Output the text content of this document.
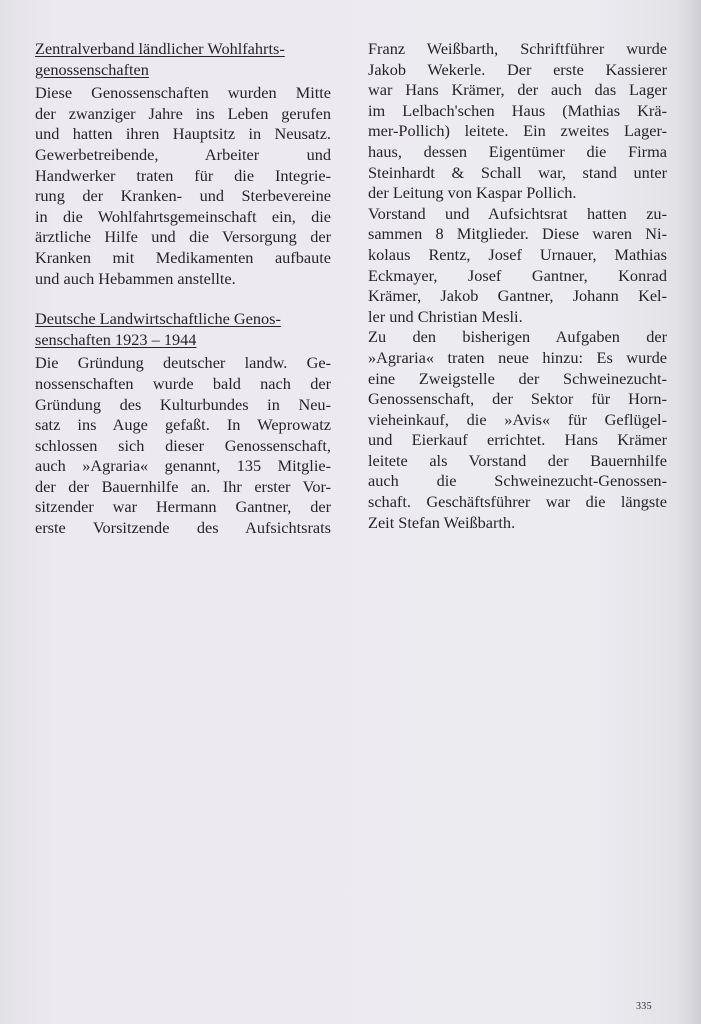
Zentralverband ländlicher Wohlfahrts-
genossenschaften
Diese Genossenschaften wurden Mitte
der zwanziger Jahre ins Leben gerufen
und hatten ihren Hauptsitz in Neusatz.
Gewerbetreibende, Arbeiter und
Handwerker traten für die Integrie-
rung der Kranken- und Sterbevereine
in die Wohlfahrtsgemeinschaft ein, die
ärztliche Hilfe und die Versorgung der
Kranken mit Medikamenten aufbaute
und auch Hebammen anstellte.
Deutsche Landwirtschaftliche Genos-
senschaften 1923 – 1944
Die Gründung deutscher landw. Ge-
nossenschaften wurde bald nach der
Gründung des Kulturbundes in Neu-
satz ins Auge gefaßt. In Weprowatz
schlossen sich dieser Genossenschaft,
auch »Agraria« genannt, 135 Mitglie-
der der Bauernhilfe an. Ihr erster Vor-
sitzender war Hermann Gantner, der
erste Vorsitzende des Aufsichtsrats
Franz Weißbarth, Schriftführer wurde
Jakob Wekerle. Der erste Kassierer
war Hans Krämer, der auch das Lager
im Lelbach'schen Haus (Mathias Krä-
mer-Pollich) leitete. Ein zweites Lager-
haus, dessen Eigentümer die Firma
Steinhardt & Schall war, stand unter
der Leitung von Kaspar Pollich.
Vorstand und Aufsichtsrat hatten zu-
sammen 8 Mitglieder. Diese waren Ni-
kolaus Rentz, Josef Urnauer, Mathias
Eckmayer, Josef Gantner, Konrad
Krämer, Jakob Gantner, Johann Kel-
ler und Christian Mesli.
Zu den bisherigen Aufgaben der
»Agraria« traten neue hinzu: Es wurde
eine Zweigstelle der Schweinezucht-
Genossenschaft, der Sektor für Horn-
vieheinkauf, die »Avis« für Geflügel-
und Eierkauf errichtet. Hans Krämer
leitete als Vorstand der Bauernhilfe
auch die Schweinezucht-Genossen-
schaft. Geschäftsführer war die längste
Zeit Stefan Weißbarth.
335
